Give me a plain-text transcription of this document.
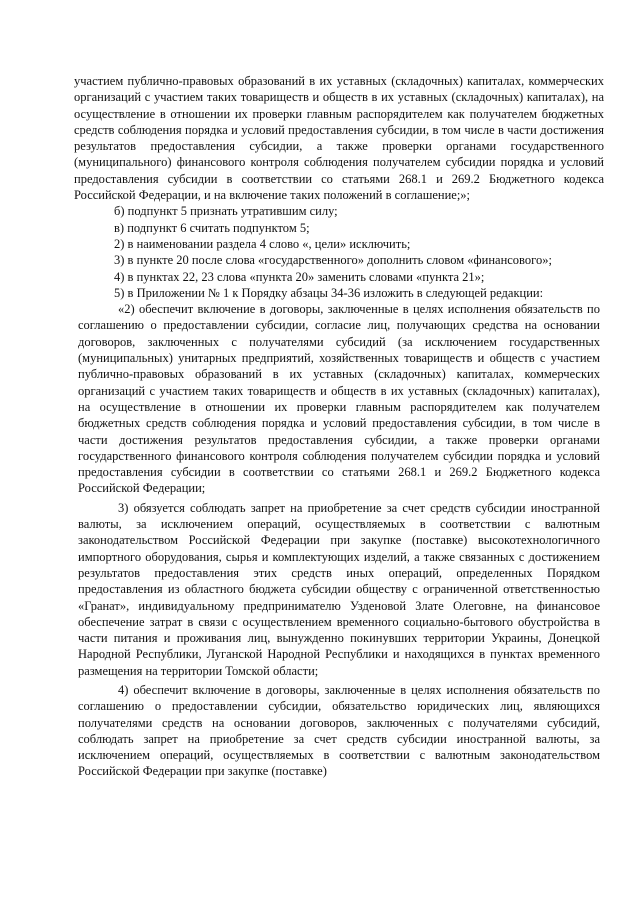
участием публично-правовых образований в их уставных (складочных) капиталах, коммерческих организаций с участием таких товариществ и обществ в их уставных (складочных) капиталах), на осуществление в отношении их проверки главным распорядителем как получателем бюджетных средств соблюдения порядка и условий предоставления субсидии, в том числе в части достижения результатов предоставления субсидии, а также проверки органами государственного (муниципального) финансового контроля соблюдения получателем субсидии порядка и условий предоставления субсидии в соответствии со статьями 268.1 и 269.2 Бюджетного кодекса Российской Федерации, и на включение таких положений в соглашение;»;

б) подпункт 5 признать утратившим силу;

в) подпункт 6 считать подпунктом 5;

2) в наименовании раздела 4 слово «, цели» исключить;

3) в пункте 20 после слова «государственного» дополнить словом «финансового»;

4) в пунктах 22, 23 слова «пункта 20» заменить словами «пункта 21»;

5) в Приложении № 1 к Порядку абзацы 34-36 изложить в следующей редакции:

«2) обеспечит включение в договоры, заключенные в целях исполнения обязательств по соглашению о предоставлении субсидии, согласие лиц, получающих средства на основании договоров, заключенных с получателями субсидий (за исключением государственных (муниципальных) унитарных предприятий, хозяйственных товариществ и обществ с участием публично-правовых образований в их уставных (складочных) капиталах, коммерческих организаций с участием таких товариществ и обществ в их уставных (складочных) капиталах), на осуществление в отношении их проверки главным распорядителем как получателем бюджетных средств соблюдения порядка и условий предоставления субсидии, в том числе в части достижения результатов предоставления субсидии, а также проверки органами государственного финансового контроля соблюдения получателем субсидии порядка и условий предоставления субсидии в соответствии со статьями 268.1 и 269.2 Бюджетного кодекса Российской Федерации;

3) обязуется соблюдать запрет на приобретение за счет средств субсидии иностранной валюты, за исключением операций, осуществляемых в соответствии с валютным законодательством Российской Федерации при закупке (поставке) высокотехнологичного импортного оборудования, сырья и комплектующих изделий, а также связанных с достижением результатов предоставления этих средств иных операций, определенных Порядком предоставления из областного бюджета субсидии обществу с ограниченной ответственностью «Гранат», индивидуальному предпринимателю Узденовой Злате Олеговне, на финансовое обеспечение затрат в связи с осуществлением временного социально-бытового обустройства в части питания и проживания лиц, вынужденно покинувших территории Украины, Донецкой Народной Республики, Луганской Народной Республики и находящихся в пунктах временного размещения на территории Томской области;

4) обеспечит включение в договоры, заключенные в целях исполнения обязательств по соглашению о предоставлении субсидии, обязательство юридических лиц, являющихся получателями средств на основании договоров, заключенных с получателями субсидий, соблюдать запрет на приобретение за счет средств субсидии иностранной валюты, за исключением операций, осуществляемых в соответствии с валютным законодательством Российской Федерации при закупке (поставке)
